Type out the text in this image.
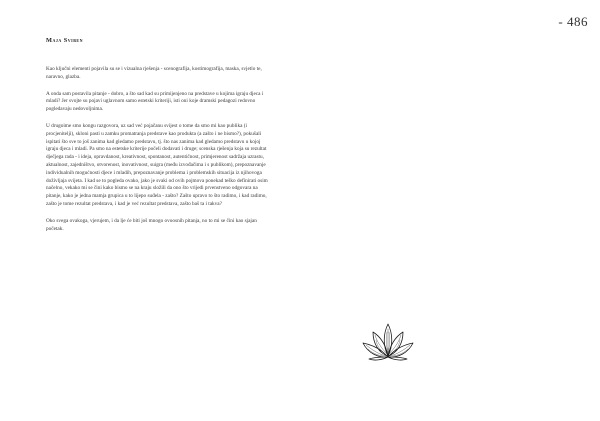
- 486
Maja Sviben

Kao ključni elementi pojavila su se i vizualna rješenja - scenografija, kostimografija, maska, svjetlo te, naravno, glazba.

A onda sam postavila pitanje - dobro, a što sad kad su primijenjeno na predstave u kojima igraju djeca i mladi? Jer svojte su pojavi uglavnom samo estetski kriteriji, isti oni koje dramski pedagozi redovno pogledavaju nedovoljnima.

U drugoime smo kongu razgovora, uz sad već pojačanu svijest o tome da smo mi kao publika (i procjenitelji), skloni pasti u zamku promatranja predstave kao produkta (a zašto i ne bismo?), pokušali ispitati što sve to još zanima kad gledamo predstavu, tj. što nas zanima kad gledamo predstavu u kojoj igraju djeca i mladi. Pa smo na estetske kriterije počeli dodavati i druge; scenska rješenja koja su rezultat dječjega rada - i ideja, opravdanost, kreativnost, spontanost, autentičnost, primjerenost sadržaja uzrastu, aktualnost, zajedništvo, otvorenost, inovativnost, suigra (među izvođačima i s publikom), prepoznavanje individualnih mogućnosti djece i mladih, prepoznavanje problema i problemskih situacija iz njihovoga doživljaja svijeta. I kad se to pogleda ovako, jako je svaki od ovih pojmova ponekad teško definirati osim načelno, vekako mi se čini kako bismo se na kraju složili da ono što vrijedi prvenstveno odgovara na pitanje, kako je jedna mamja grupica u to lijepo suđela - zašto? Zašto upravo to što radimo, i kad radimo, zašto je tome rezultat predstava, i kad je već rezultat predstava, zašto baš ta i takva?

Oko svega ovakoga, vjerujem, i da lje će biti još mnogo ovoosnih pitanja, no to mi se čini kao sjajan početak.
